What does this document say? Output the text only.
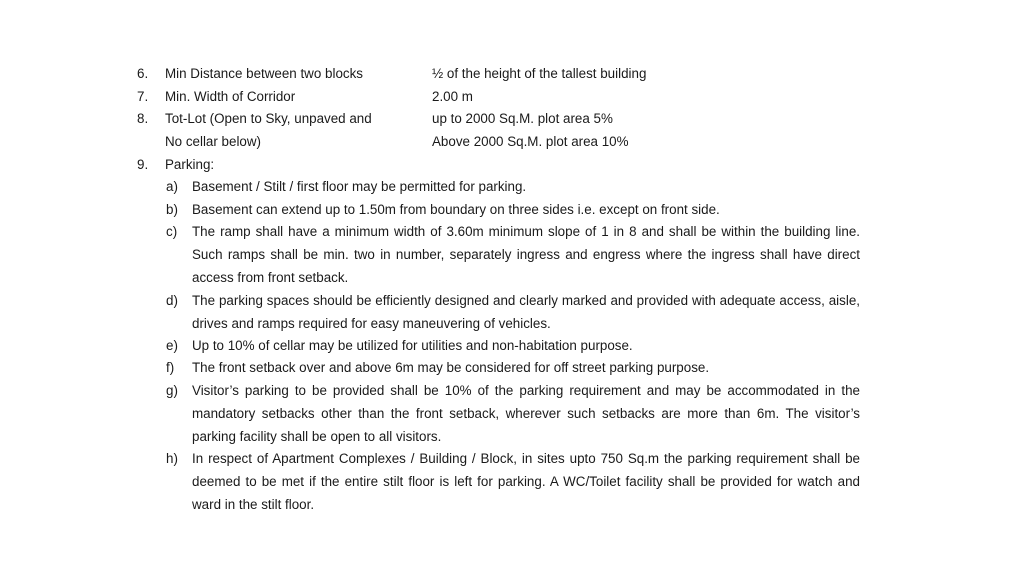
6.	Min Distance between two blocks	½ of the height of the tallest building
7.	Min. Width of Corridor	2.00 m
8.	Tot-Lot (Open to Sky, unpaved and	up to 2000 Sq.M. plot area 5%
No cellar below)	Above 2000 Sq.M. plot area 10%
9.	Parking:
a)	Basement / Stilt / first floor may be permitted for parking.
b)	Basement can extend up to 1.50m from boundary on three sides i.e. except on front side.
c)	The ramp shall have a minimum width of 3.60m minimum slope of 1 in 8 and shall be within the building line. Such ramps shall be min. two in number, separately ingress and engress where the ingress shall have direct access from front setback.
d)	The parking spaces should be efficiently designed and clearly marked and provided with adequate access, aisle, drives and ramps required for easy maneuvering of vehicles.
e)	Up to 10% of cellar may be utilized for utilities and non-habitation purpose.
f)	The front setback over and above 6m may be considered for off street parking purpose.
g)	Visitor’s parking to be provided shall be 10% of the parking requirement and may be accommodated in the mandatory setbacks other than the front setback, wherever such setbacks are more than 6m. The visitor’s parking facility shall be open to all visitors.
h)	In respect of Apartment Complexes / Building / Block, in sites upto 750 Sq.m the parking requirement shall be deemed to be met if the entire stilt floor is left for parking. A WC/Toilet facility shall be provided for watch and ward in the stilt floor.
